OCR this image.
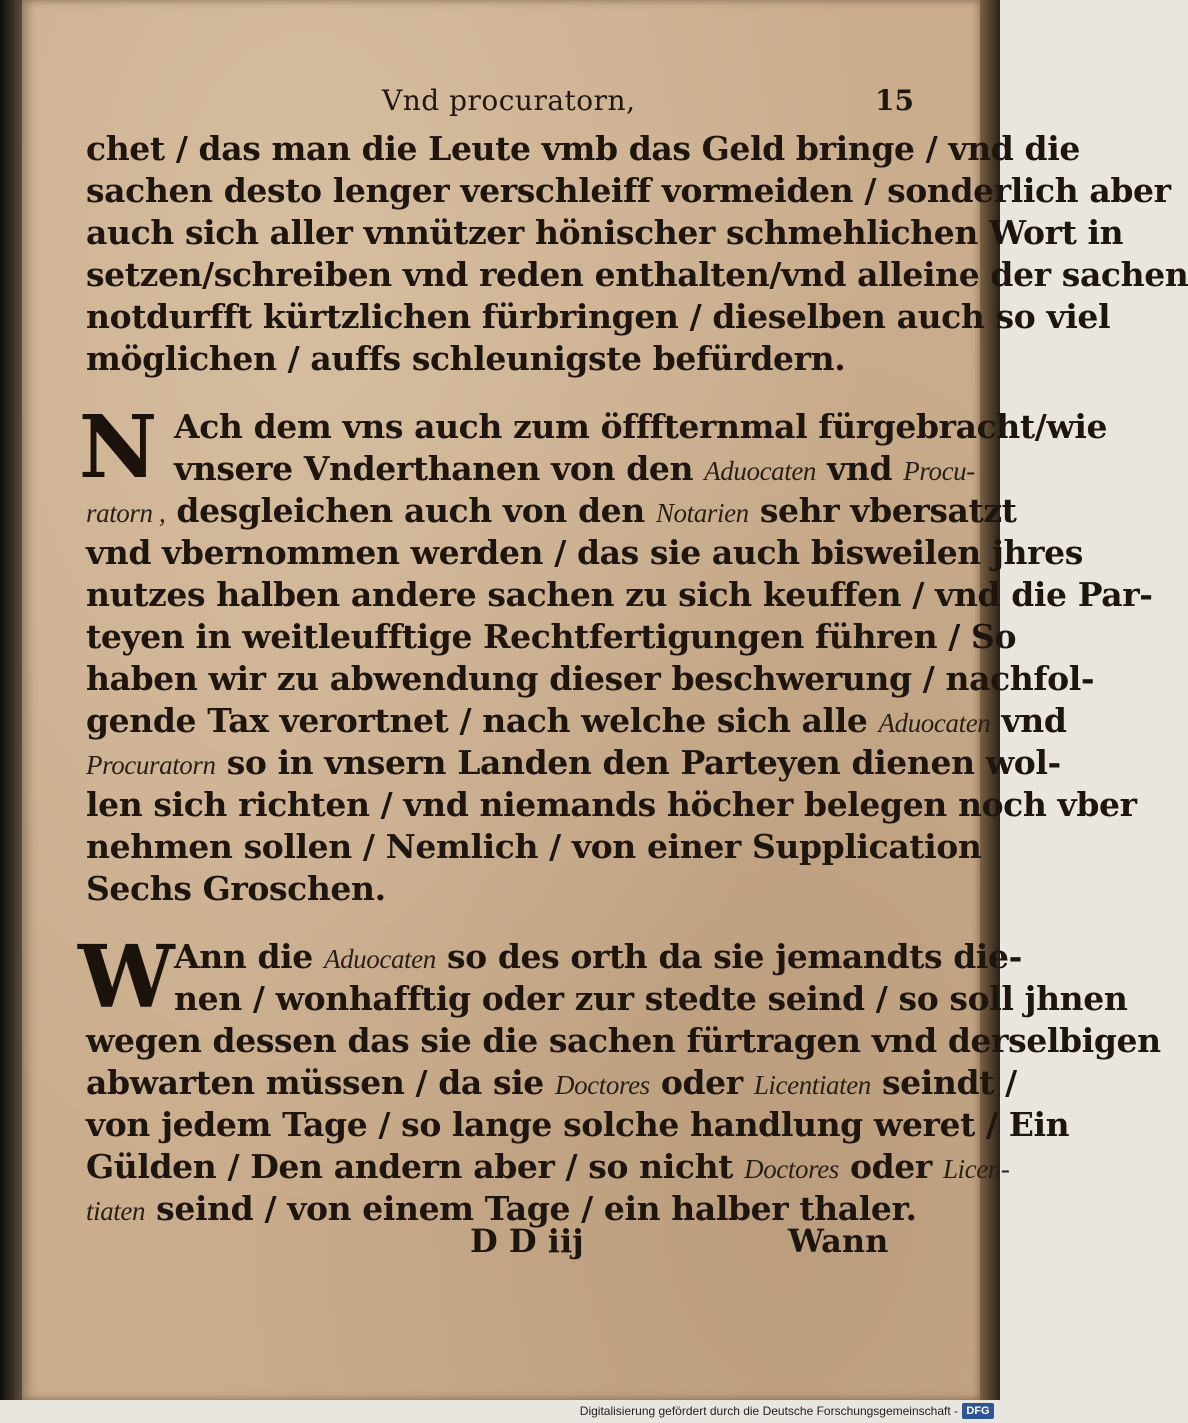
Vnd procuratorn,	15
chet / das man die Leute vmb das Geld bringe / vnd die
sachen desto lenger verschleiff vormeiden / sonderlich aber
auch sich aller vnnützer hönischer schmehlichen Wort in
setzen/schreiben vnd reden enthalten/vnd alleine der sachen
notdurfft kürtzlichen fürbringen / dieselben auch so viel
möglichen / auffs schleunigste befürdern.
N Ach dem vns auch zum öfffternmal fürgebracht/wie
vnsere Vnderthanen von den Aduocaten vnd Procu-
ratorn , desgleichen auch von den Notarien sehr vbersatzt
vnd vbernommen werden / das sie auch bisweilen jhres
nutzes halben andere sachen zu sich keuffen / vnd die Par-
teyen in weitleufftige Rechtfertigungen führen / So
haben wir zu abwendung dieser beschwerung / nachfol-
gende Tax verortnet / nach welche sich alle Aduocaten vnd
Procuratorn so in vnsern Landen den Parteyen dienen wol-
len sich richten / vnd niemands höcher belegen noch vber
nehmen sollen / Nemlich / von einer Supplication
Sechs Groschen.
W Ann die Aduocaten so des orth da sie jemandts die-
nen / wonhafftig oder zur stedte seind / so soll jhnen
wegen dessen das sie die sachen fürtragen vnd derselbigen
abwarten müssen / da sie Doctores oder Licentiaten seindt /
von jedem Tage / so lange solche handlung weret / Ein
Gülden / Den andern aber / so nicht Doctores oder Licen-
tiaten seind / von einem Tage / ein halber thaler.
D D iij	Wann
Digitalisierung gefördert durch die Deutsche Forschungsgemeinschaft - DFG
